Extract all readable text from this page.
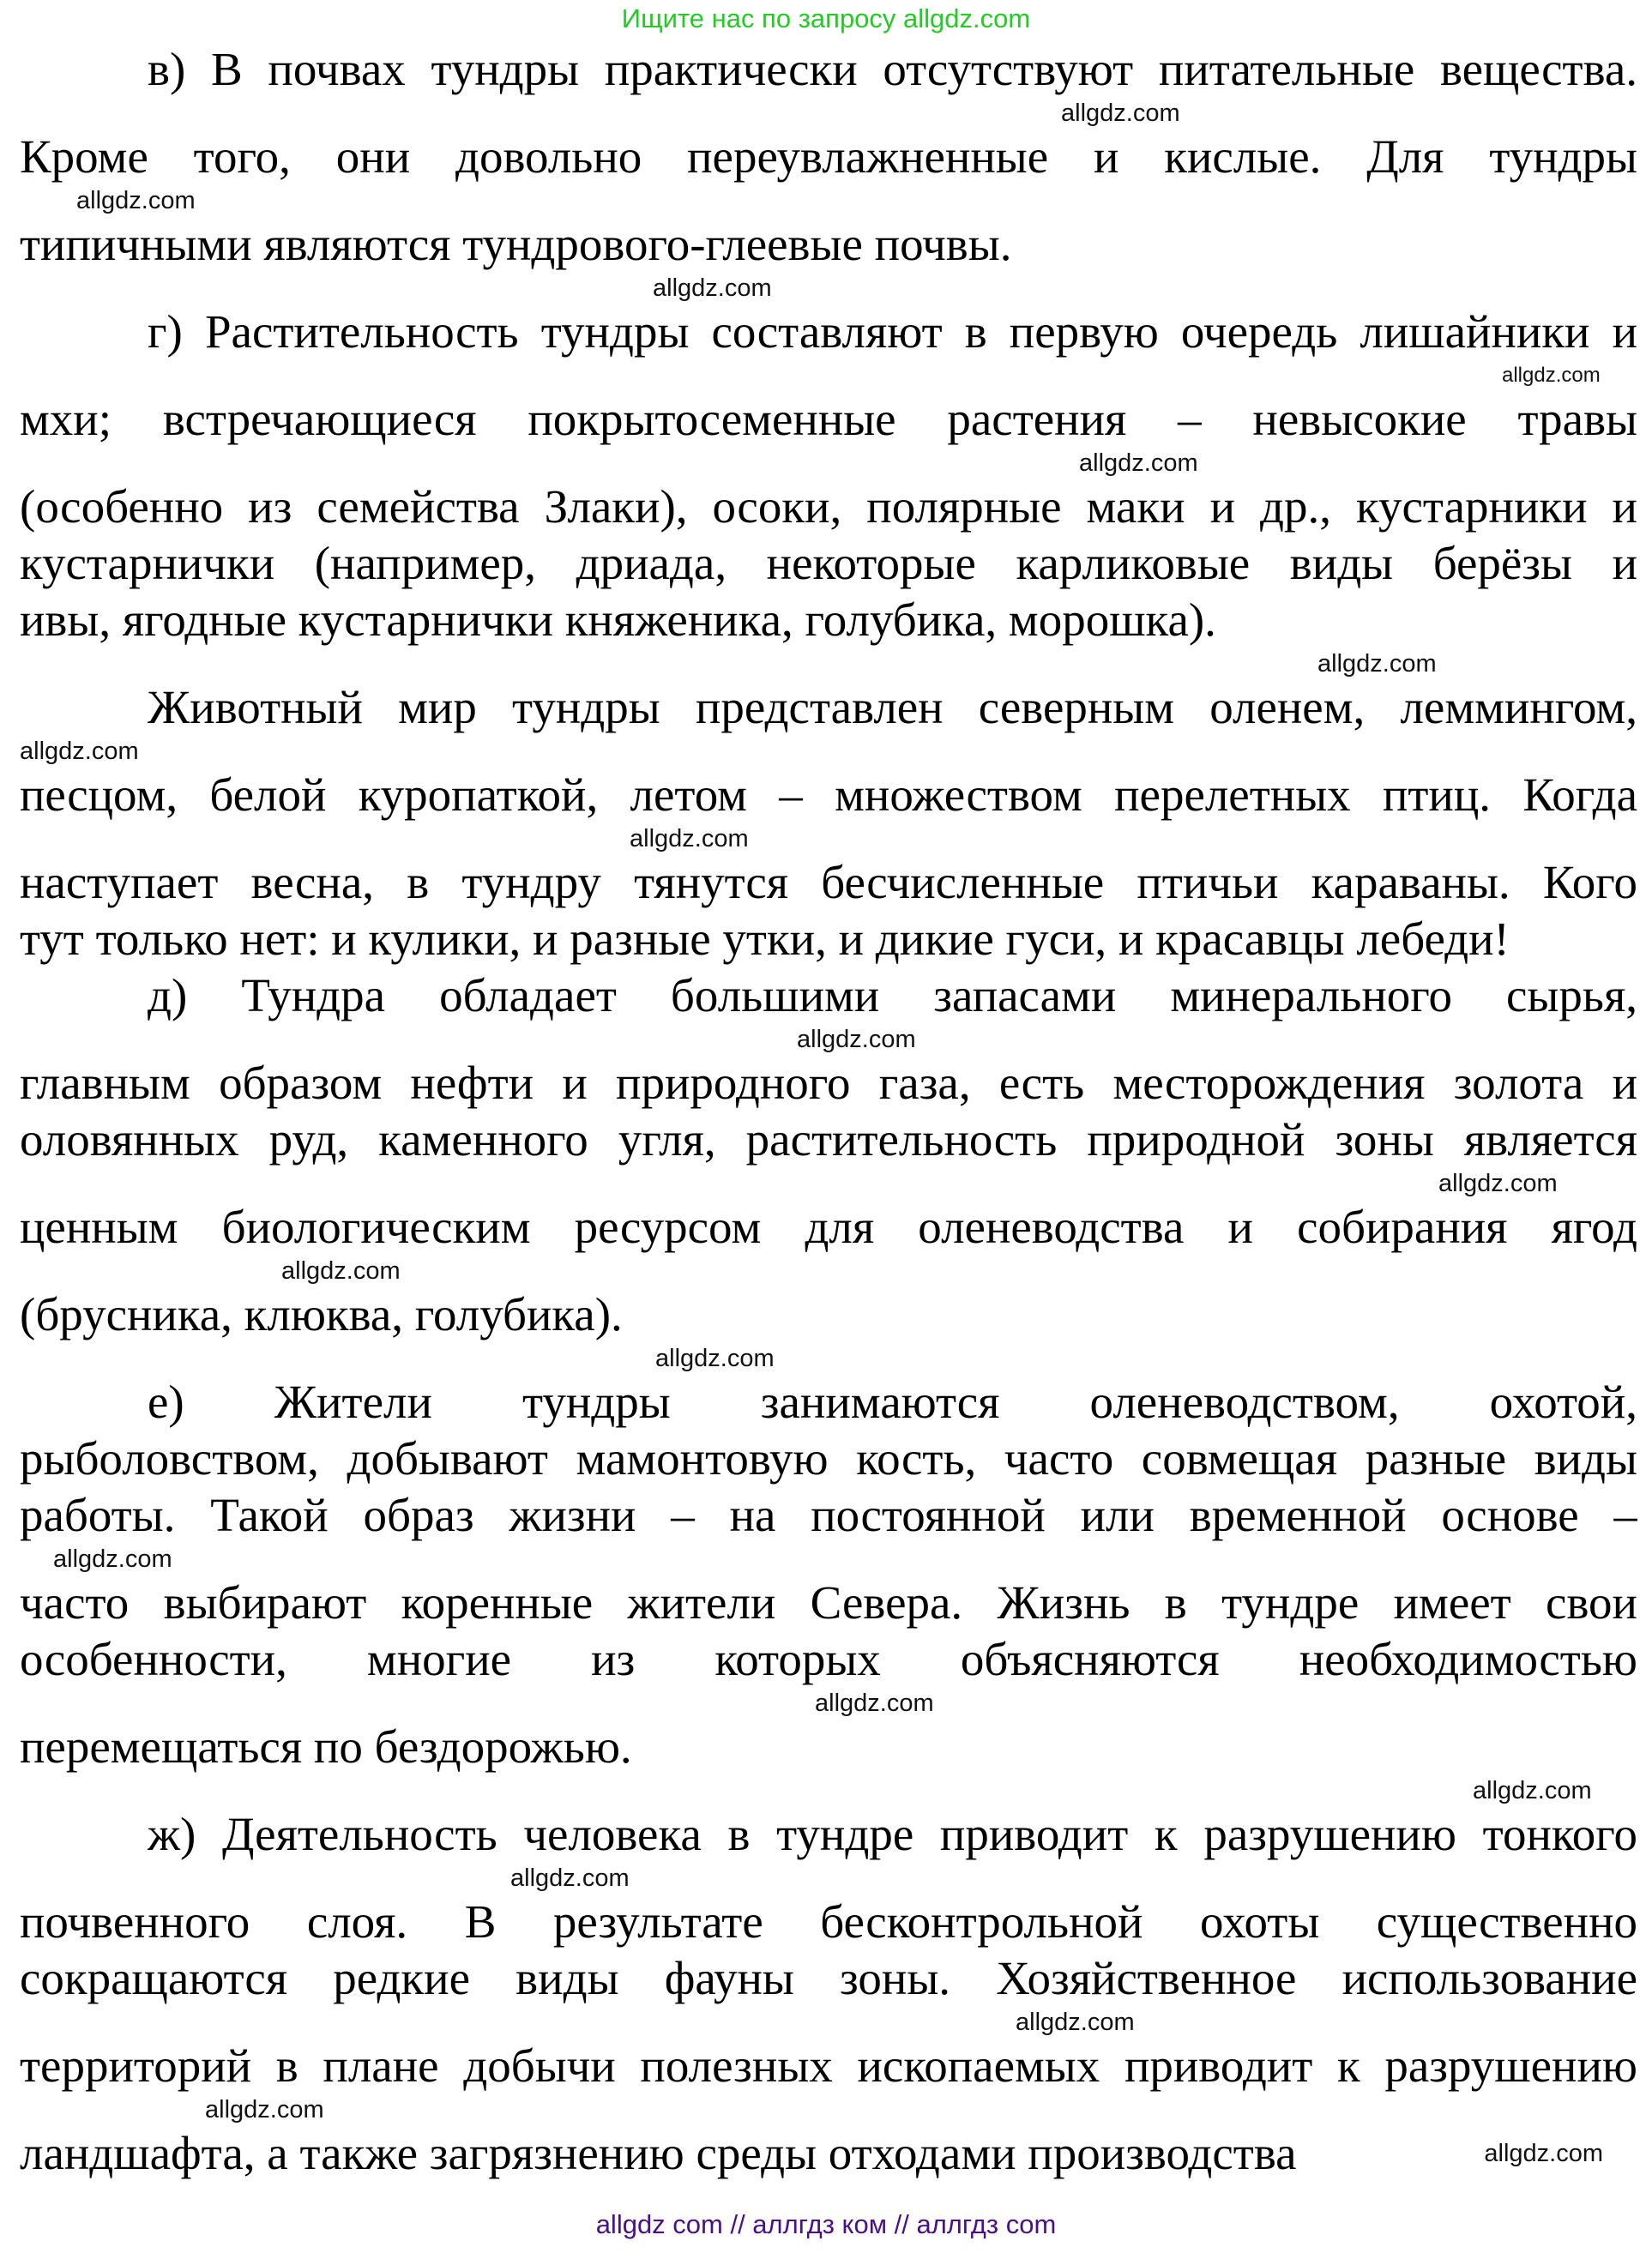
Ищите нас по запросу allgdz.com
в) В почвах тундры практически отсутствуют питательные вещества.
allgdz.com
Кроме того, они довольно переувлажненные и кислые. Для тундры
allgdz.com
типичными являются тундрового-глеевые почвы.
allgdz.com
г) Растительность тундры составляют в первую очередь лишайники и
allgdz.com
мхи; встречающиеся покрытосеменные растения – невысокие травы
allgdz.com
(особенно из семейства Злаки), осоки, полярные маки и др., кустарники и
кустарнички (например, дриада, некоторые карликовые виды берёзы и
ивы, ягодные кустарнички княженика, голубика, морошка).
allgdz.com
Животный мир тундры представлен северным оленем, леммингом,
allgdz.com
песцом, белой куропаткой, летом – множеством перелетных птиц. Когда
allgdz.com
наступает весна, в тундру тянутся бесчисленные птичьи караваны. Кого
тут только нет: и кулики, и разные утки, и дикие гуси, и красавцы лебеди!
д) Тундра обладает большими запасами минерального сырья,
allgdz.com
главным образом нефти и природного газа, есть месторождения золота и
оловянных руд, каменного угля, растительность природной зоны является
allgdz.com
ценным биологическим ресурсом для оленеводства и собирания ягод
allgdz.com
(брусника, клюква, голубика).
allgdz.com
е) Жители тундры занимаются оленеводством, охотой,
рыболовством, добывают мамонтовую кость, часто совмещая разные виды
работы. Такой образ жизни – на постоянной или временной основе –
allgdz.com
часто выбирают коренные жители Севера. Жизнь в тундре имеет свои
особенности, многие из которых объясняются необходимостью
allgdz.com
перемещаться по бездорожью.
allgdz.com
ж) Деятельность человека в тундре приводит к разрушению тонкого
allgdz.com
почвенного слоя. В результате бесконтрольной охоты существенно
сокращаются редкие виды фауны зоны. Хозяйственное использование
allgdz.com
территорий в плане добычи полезных ископаемых приводит к разрушению
allgdz.com
ландшафта, а также загрязнению среды отходами производства	allgdz.com
allgdz com // аллгдз ком // аллгдз com
